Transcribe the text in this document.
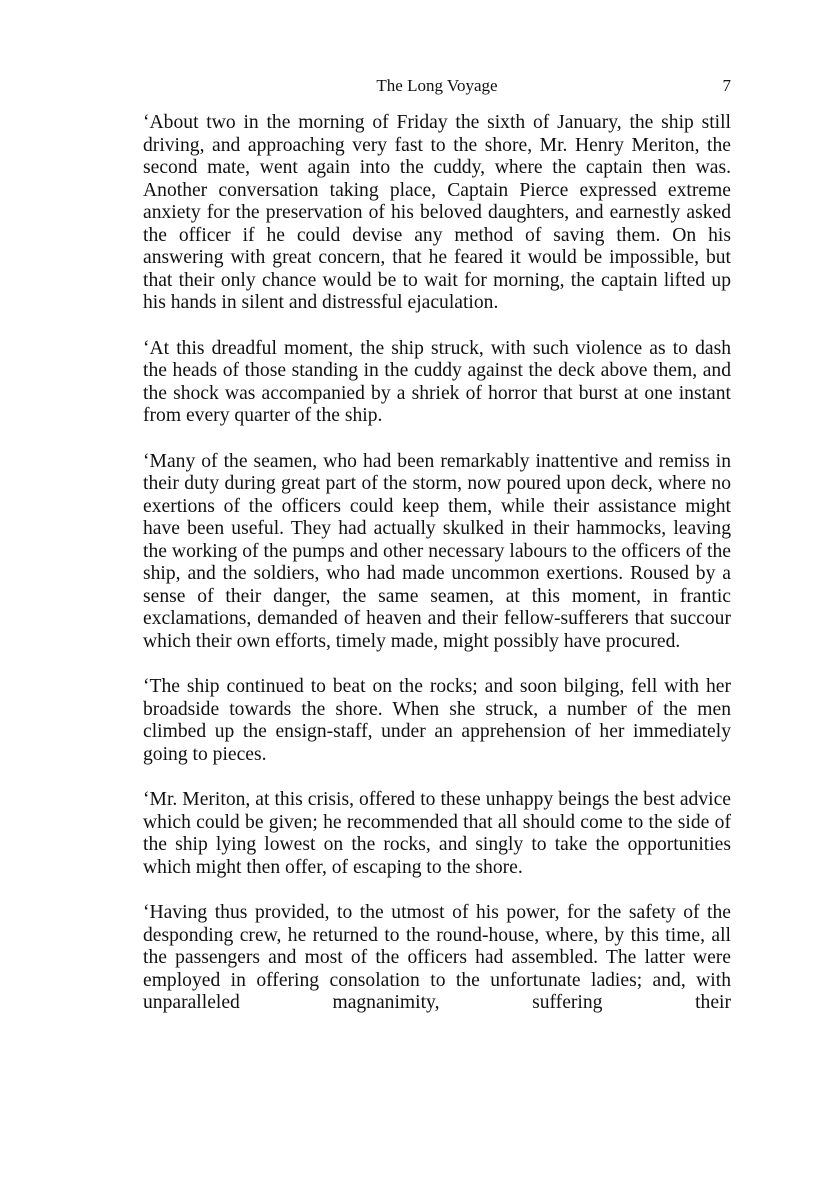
The Long Voyage	7

‘About two in the morning of Friday the sixth of January, the ship still driving, and approaching very fast to the shore, Mr. Henry Meriton, the second mate, went again into the cuddy, where the captain then was. Another conversation taking place, Captain Pierce expressed extreme anxiety for the preservation of his beloved daughters, and earnestly asked the officer if he could devise any method of saving them. On his answering with great concern, that he feared it would be impossible, but that their only chance would be to wait for morning, the captain lifted up his hands in silent and distressful ejaculation.

‘At this dreadful moment, the ship struck, with such violence as to dash the heads of those standing in the cuddy against the deck above them, and the shock was accompanied by a shriek of horror that burst at one instant from every quarter of the ship.

‘Many of the seamen, who had been remarkably inattentive and remiss in their duty during great part of the storm, now poured upon deck, where no exertions of the officers could keep them, while their assistance might have been useful. They had actually skulked in their hammocks, leaving the working of the pumps and other necessary labours to the officers of the ship, and the soldiers, who had made uncommon exertions. Roused by a sense of their danger, the same seamen, at this moment, in frantic exclamations, demanded of heaven and their fellow-sufferers that succour which their own efforts, timely made, might possibly have procured.

‘The ship continued to beat on the rocks; and soon bilging, fell with her broadside towards the shore. When she struck, a number of the men climbed up the ensign-staff, under an apprehension of her immediately going to pieces.

‘Mr. Meriton, at this crisis, offered to these unhappy beings the best advice which could be given; he recommended that all should come to the side of the ship lying lowest on the rocks, and singly to take the opportunities which might then offer, of escaping to the shore.

‘Having thus provided, to the utmost of his power, for the safety of the desponding crew, he returned to the round-house, where, by this time, all the passengers and most of the officers had assembled. The latter were employed in offering consolation to the unfortunate ladies; and, with unparalleled magnanimity, suffering their
